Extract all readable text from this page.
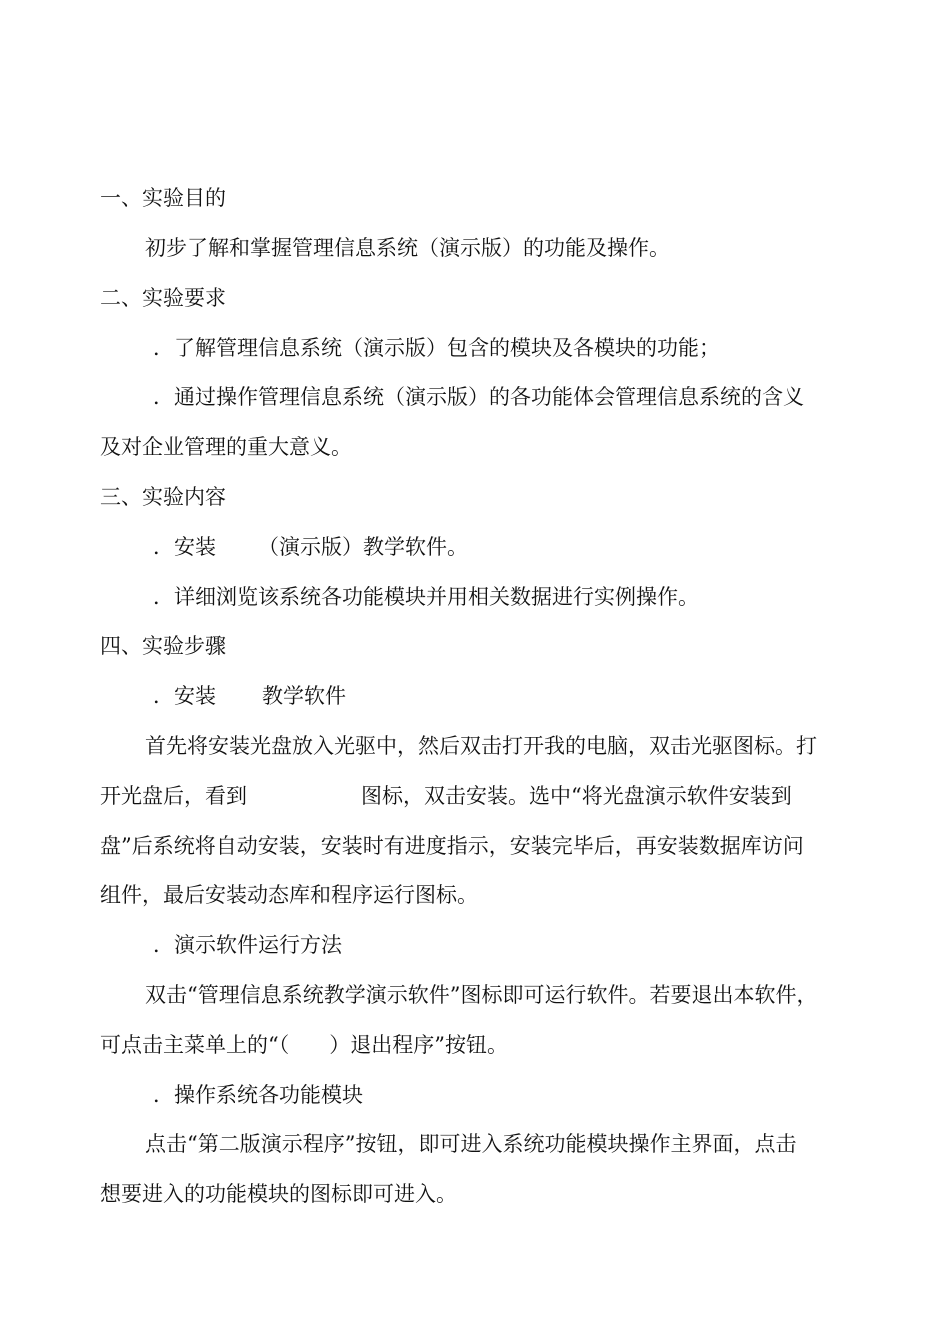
一、实验目的
初步了解和掌握管理信息系统（演示版）的功能及操作。
二、实验要求
．了解管理信息系统（演示版）包含的模块及各模块的功能；
．通过操作管理信息系统（演示版）的各功能体会管理信息系统的含义
及对企业管理的重大意义。
三、实验内容
．安装 （演示版）教学软件。
．详细浏览该系统各功能模块并用相关数据进行实例操作。
四、实验步骤
．安装 教学软件
首先将安装光盘放入光驱中，然后双击打开我的电脑，双击光驱图标。打
开光盘后，看到	图标，双击安装。选中“将光盘演示软件安装到
盘”后系统将自动安装，安装时有进度指示，安装完毕后，再安装数据库访问
组件，最后安装动态库和程序运行图标。
．演示软件运行方法
双击“管理信息系统教学演示软件”图标即可运行软件。若要退出本软件，
可点击主菜单上的“（ ）退出程序”按钮。
．操作系统各功能模块
点击“第二版演示程序”按钮，即可进入系统功能模块操作主界面，点击
想要进入的功能模块的图标即可进入。
